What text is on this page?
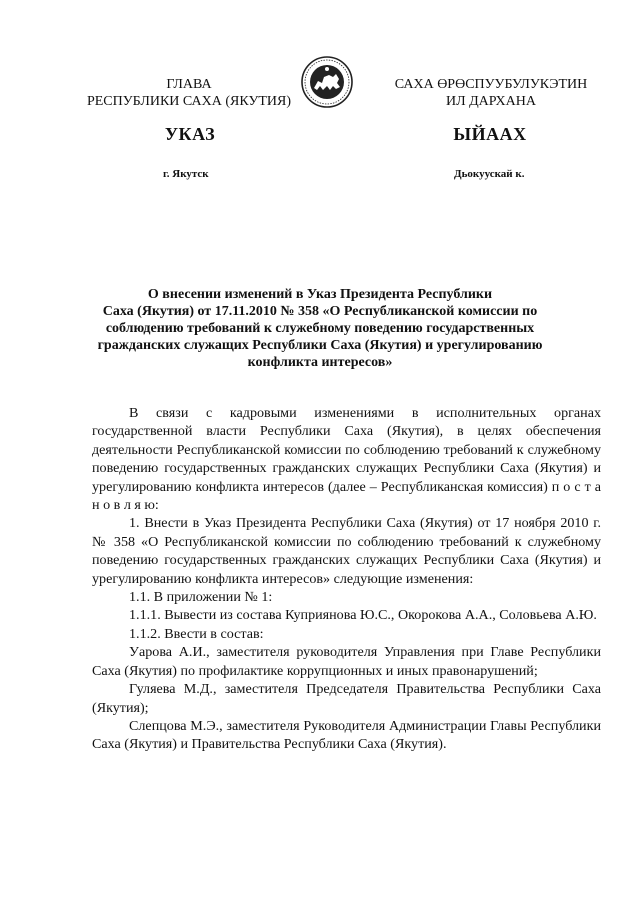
ГЛАВА
РЕСПУБЛИКИ САХА (ЯКУТИЯ)
САХА ӨРӨСПУУБУЛУКЭТИН
ИЛ ДАРХАНА
УКАЗ	ЫЙААХ
г. Якутск	Дьокуускай к.
О внесении изменений в Указ Президента Республики
Саха (Якутия) от 17.11.2010 № 358 «О Республиканской комиссии по
соблюдению требований к служебному поведению государственных
гражданских служащих Республики Саха (Якутия) и урегулированию
конфликта интересов»

В связи с кадровыми изменениями в исполнительных органах государственной власти Республики Саха (Якутия), в целях обеспечения деятельности Республиканской комиссии по соблюдению требований к служебному поведению государственных гражданских служащих Республики Саха (Якутия) и урегулированию конфликта интересов (далее – Республиканская комиссия) п о с т а н о в л я ю:

1. Внести в Указ Президента Республики Саха (Якутия) от 17 ноября 2010 г. № 358 «О Республиканской комиссии по соблюдению требований к служебному поведению государственных гражданских служащих Республики Саха (Якутия) и урегулированию конфликта интересов» следующие изменения:

1.1. В приложении № 1:

1.1.1. Вывести из состава Куприянова Ю.С., Окорокова А.А., Соловьева А.Ю.

1.1.2. Ввести в состав:

Уарова А.И., заместителя руководителя Управления при Главе Республики Саха (Якутия) по профилактике коррупционных и иных правонарушений;

Гуляева М.Д., заместителя Председателя Правительства Республики Саха (Якутия);

Слепцова М.Э., заместителя Руководителя Администрации Главы Республики Саха (Якутия) и Правительства Республики Саха (Якутия).
